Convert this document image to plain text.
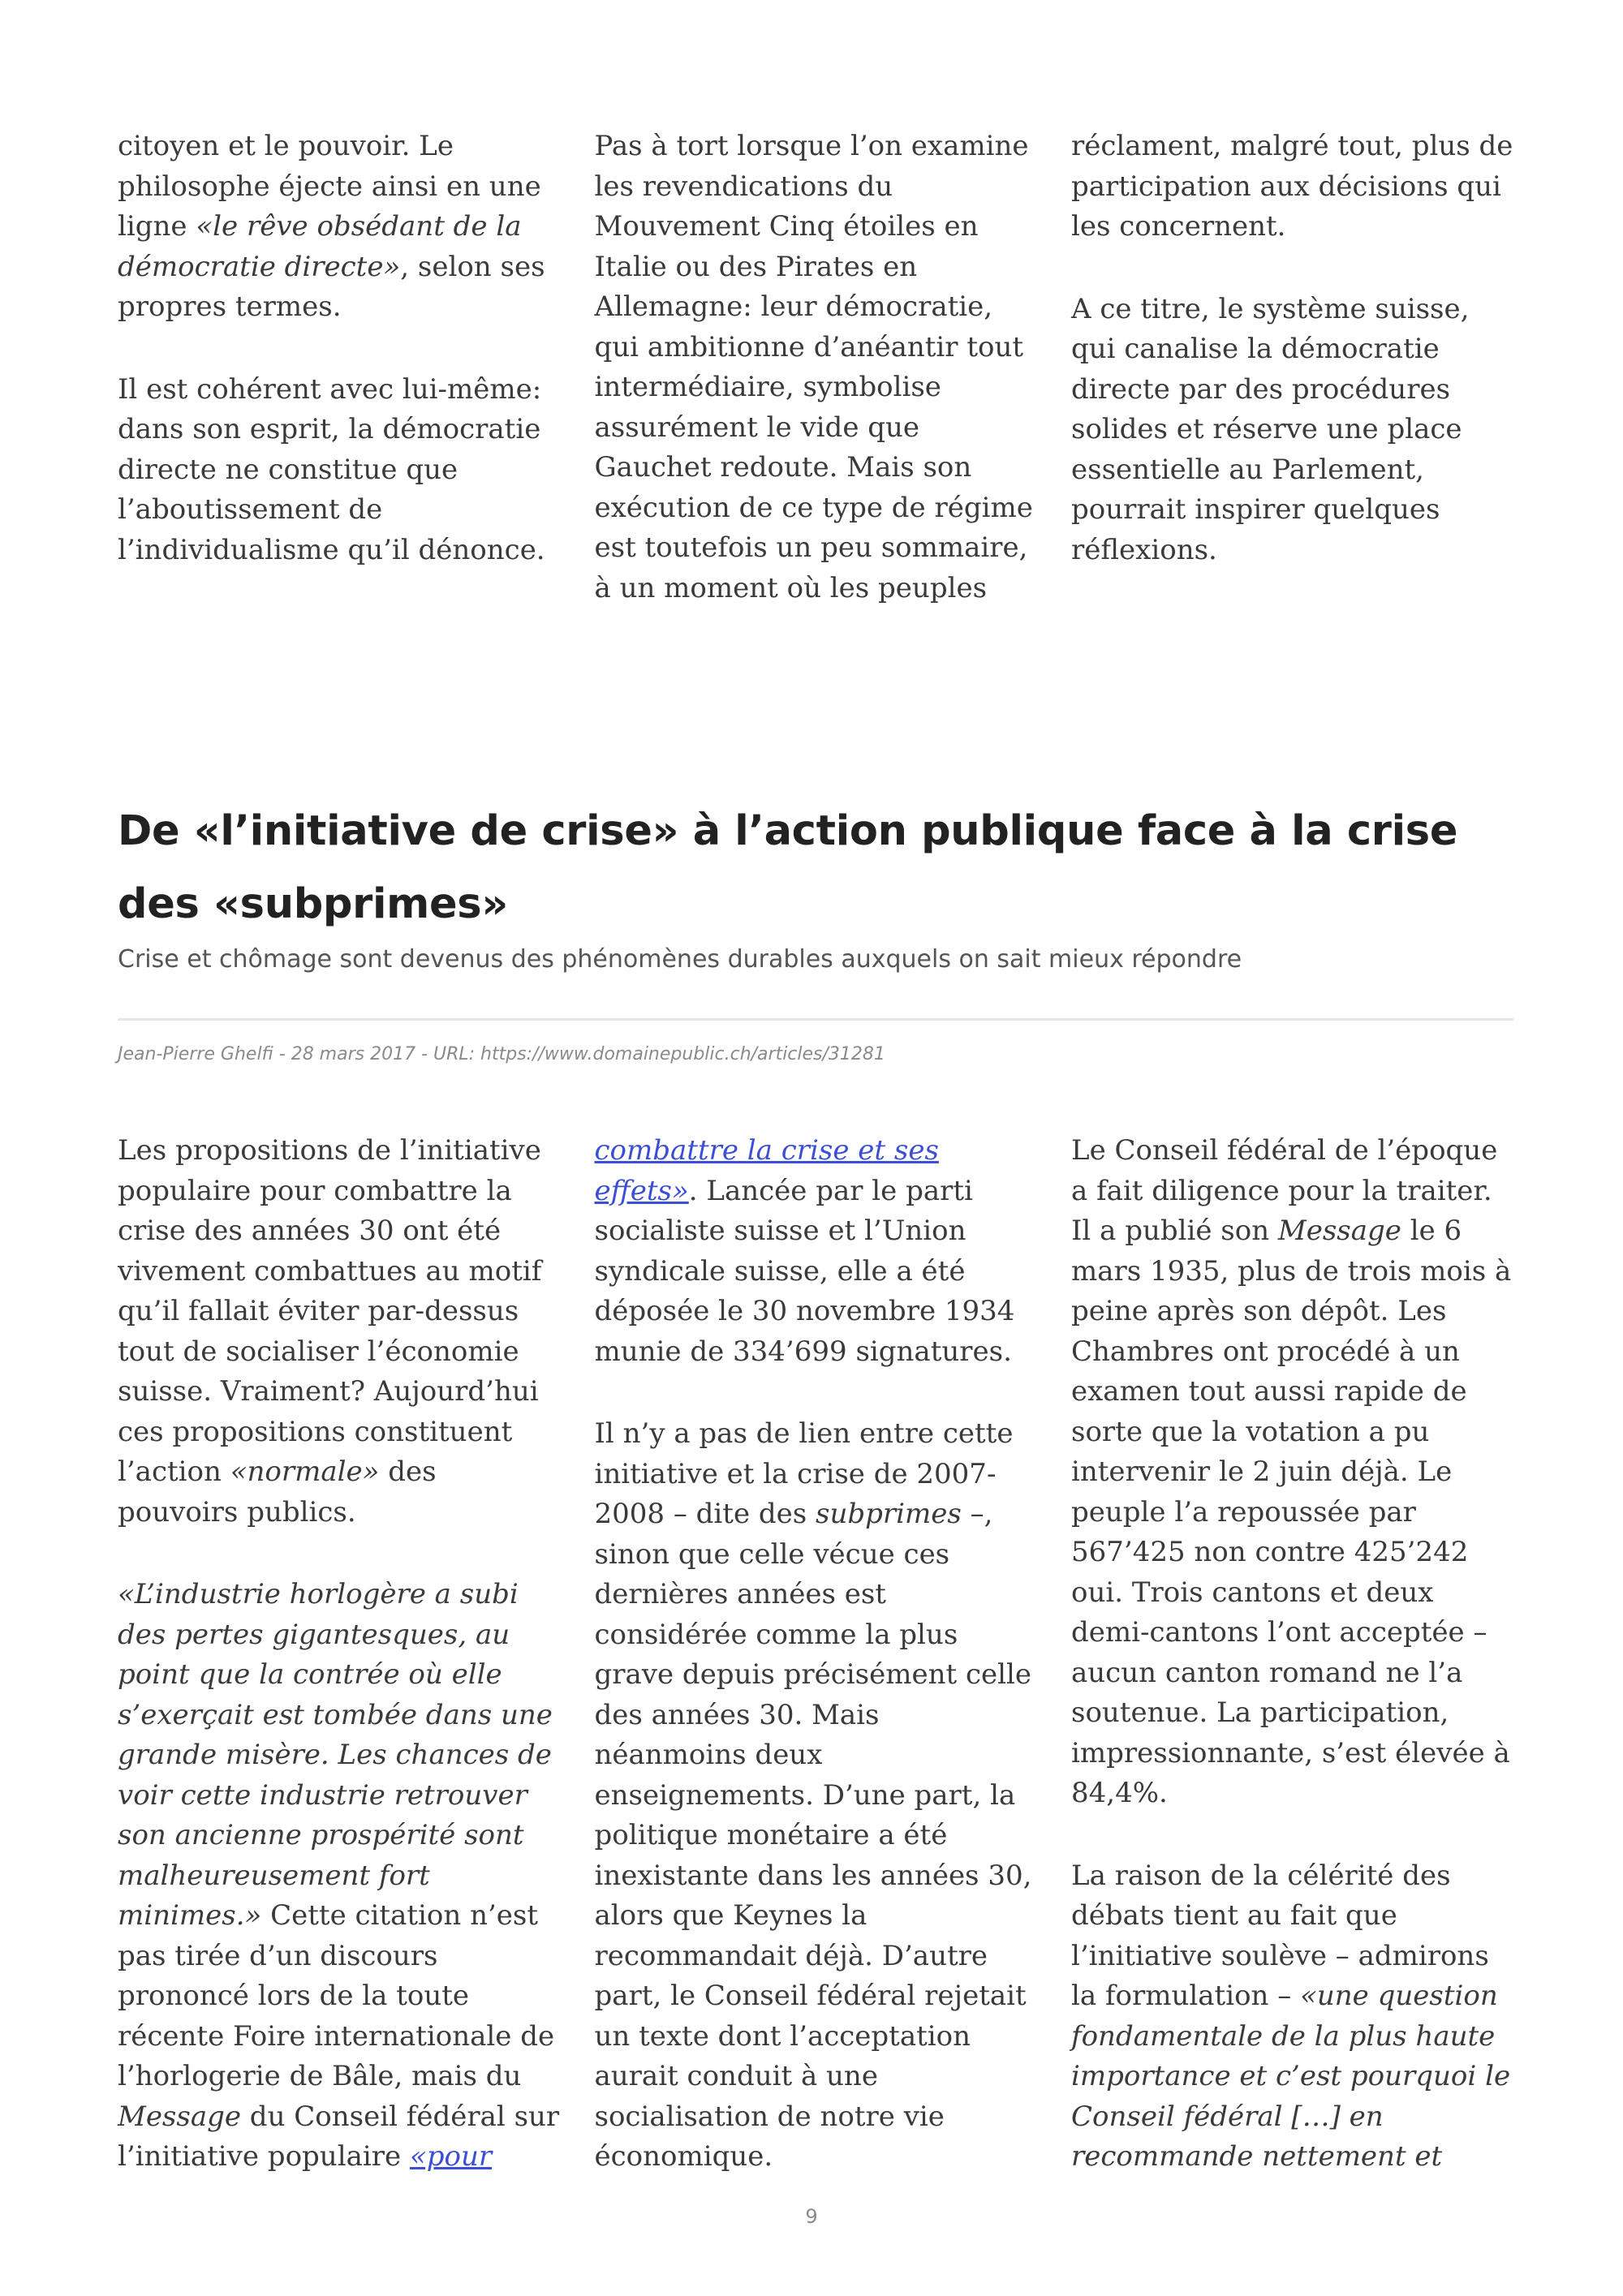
citoyen et le pouvoir. Le philosophe éjecte ainsi en une ligne «le rêve obsédant de la démocratie directe», selon ses propres termes.

Il est cohérent avec lui-même: dans son esprit, la démocratie directe ne constitue que l’aboutissement de l’individualisme qu’il dénonce.

Pas à tort lorsque l’on examine les revendications du Mouvement Cinq étoiles en Italie ou des Pirates en Allemagne: leur démocratie, qui ambitionne d’anéantir tout intermédiaire, symbolise assurément le vide que Gauchet redoute. Mais son exécution de ce type de régime est toutefois un peu sommaire, à un moment où les peuples

réclament, malgré tout, plus de participation aux décisions qui les concernent.

A ce titre, le système suisse, qui canalise la démocratie directe par des procédures solides et réserve une place essentielle au Parlement, pourrait inspirer quelques réflexions.

De «l’initiative de crise» à l’action publique face à la crise des «subprimes»

Crise et chômage sont devenus des phénomènes durables auxquels on sait mieux répondre

Jean-Pierre Ghelfi - 28 mars 2017 - URL: https://www.domainepublic.ch/articles/31281

Les propositions de l’initiative populaire pour combattre la crise des années 30 ont été vivement combattues au motif qu’il fallait éviter par-dessus tout de socialiser l’économie suisse. Vraiment? Aujourd’hui ces propositions constituent l’action «normale» des pouvoirs publics.

«L’industrie horlogère a subi des pertes gigantesques, au point que la contrée où elle s’exerçait est tombée dans une grande misère. Les chances de voir cette industrie retrouver son ancienne prospérité sont malheureusement fort minimes.» Cette citation n’est pas tirée d’un discours prononcé lors de la toute récente Foire internationale de l’horlogerie de Bâle, mais du Message du Conseil fédéral sur l’initiative populaire «pour

combattre la crise et ses effets». Lancée par le parti socialiste suisse et l’Union syndicale suisse, elle a été déposée le 30 novembre 1934 munie de 334’699 signatures.

Il n’y a pas de lien entre cette initiative et la crise de 2007-2008 – dite des subprimes –, sinon que celle vécue ces dernières années est considérée comme la plus grave depuis précisément celle des années 30. Mais néanmoins deux enseignements. D’une part, la politique monétaire a été inexistante dans les années 30, alors que Keynes la recommandait déjà. D’autre part, le Conseil fédéral rejetait un texte dont l’acceptation aurait conduit à une socialisation de notre vie économique.

Le Conseil fédéral de l’époque a fait diligence pour la traiter. Il a publié son Message le 6 mars 1935, plus de trois mois à peine après son dépôt. Les Chambres ont procédé à un examen tout aussi rapide de sorte que la votation a pu intervenir le 2 juin déjà. Le peuple l’a repoussée par 567’425 non contre 425’242 oui. Trois cantons et deux demi-cantons l’ont acceptée – aucun canton romand ne l’a soutenue. La participation, impressionnante, s’est élevée à 84,4%.

La raison de la célérité des débats tient au fait que l’initiative soulève – admirons la formulation – «une question fondamentale de la plus haute importance et c’est pourquoi le Conseil fédéral […] en recommande nettement et

9
